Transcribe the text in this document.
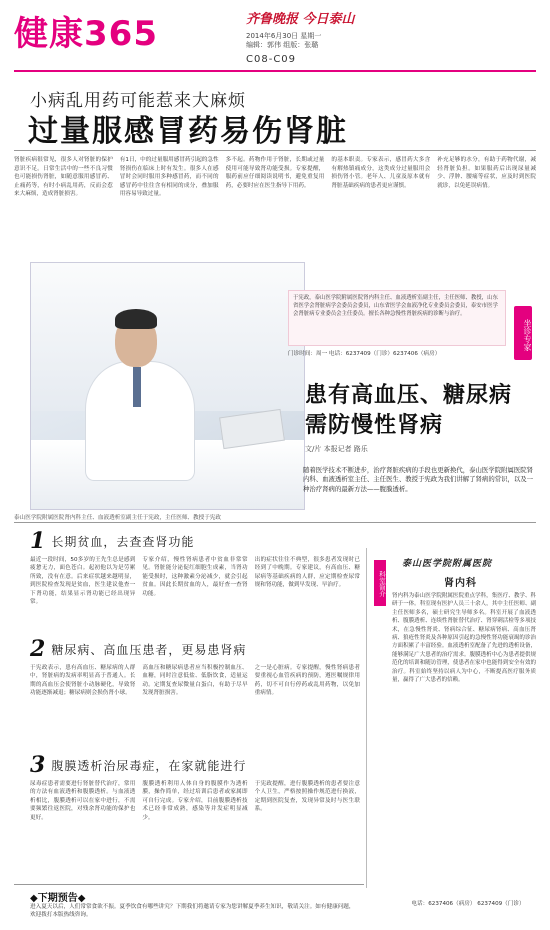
健康365	齐鲁晚报 今日泰山
2014年6月30日 星期一
编辑：郭伟 组版：张璐
C08-C09
小病乱用药可能惹来大麻烦
过量服感冒药易伤肾脏
肾脏疾病很常见，很多人对肾脏的保护意识不足。日常生活中的一些不良习惯也可能损伤肾脏，如随意服用感冒药、止痛药等，有时小病乱用药，反而会惹来大麻烦，造成肾脏损害。
有1日，中的过量服用感冒药引起的急性肾损伤在临床上时有发生。很多人在感冒时会同时服用多种感冒药，而不同的感冒药中往往含有相同的成分，叠加服用容易导致过量。
多不起。药物作用于肾脏，长期或过量使用可能导致肾功能受损。专家提醒，服药前应仔细阅读说明书，避免重复用药，必要时应在医生指导下用药。
的基本职责。专家表示，感冒药大多含有解热镇痛成分，这类成分过量服用会损伤肾小管。老年人、儿童及原本就有肾脏基础疾病的患者更应谨慎。
补充足够的水分，有助于药物代谢，减轻肾脏负担。如果服药后出现尿量减少、浮肿、腰痛等症状，应及时到医院就诊，以免延误病情。
于宪政，泰山医学院附属医院肾内科主任、血液透析室副主任，主任医师、教授，山东省医学会肾脏病学会委员会委员，山东省医学会血液净化专业委员会委员，泰安市医学会肾脏病专业委员会主任委员。擅长各种急慢性肾脏疾病的诊断与治疗。
门诊时间：周一 电话：6237409（门诊）6237406（病房）
坐诊专家
患有高血压、糖尿病
需防慢性肾病
文/片 本报记者 路乐
随着医学技术不断进步，治疗肾脏疾病的手段也更新换代，泰山医学院附属医院肾内科、血液透析室主任、主任医生、教授于宪政为我们讲解了肾病的常识，以及一种治疗肾病的最新方法——腹膜透析。
泰山医学院附属医院肾内科主任、血液透析室副主任于宪政，主任医师、教授于宪政
1 长期贫血，去查查肾功能
最近一段时间，50多岁的王先生总是感到疲惫无力，面色苍白。起初他以为是劳累所致，没有在意。后来症状越来越明显，到医院检查发现是贫血，医生建议他查一下肾功能，结果显示肾功能已经出现异常。
专家介绍，慢性肾病患者中贫血非常常见。肾脏能分泌促红细胞生成素，当肾功能受损时，这种激素分泌减少，就会引起贫血。因此长期贫血的人，最好查一查肾功能。
出的症状往往不典型，很多患者发现时已经到了中晚期。专家建议，有高血压、糖尿病等基础疾病的人群，应定期检查尿常规和肾功能，做到早发现、早治疗。
2 糖尿病、高血压患者，更易患肾病
于宪政表示，患有高血压、糖尿病的人群中，肾脏病的发病率明显高于普通人。长期的高血压会使肾脏小动脉硬化，导致肾功能逐渐减退；糖尿病则会损伤肾小球。
高血压和糖尿病患者应当积极控制血压、血糖，同时注意低盐、低脂饮食，适量运动。定期复查尿微量白蛋白，有助于尽早发现肾脏损害。
之一是心脏病。专家提醒，慢性肾病患者要重视心血管疾病的预防，遵医嘱规律用药，切不可自行停药或乱用药物，以免加重病情。
3 腹膜透析治尿毒症，在家就能进行
尿毒症患者需要进行肾脏替代治疗，常用的方法有血液透析和腹膜透析。与血液透析相比，腹膜透析可以在家中进行，不需要频繁往返医院，对残余肾功能的保护也更好。
腹膜透析利用人体自身的腹膜作为透析膜，操作简单，经过培训后患者或家属即可自行完成。专家介绍，目前腹膜透析技术已经非常成熟，感染等并发症明显减少。
于宪政提醒，进行腹膜透析的患者要注意个人卫生，严格按照操作规范进行换液，定期到医院复查，发现异常及时与医生联系。
科室简介
泰山医学院附属医院
肾内科
肾内科为泰山医学院附属医院重点学科，集医疗、教学、科研于一体。科室现有医护人员三十余人，其中主任医师、副主任医师多名，硕士研究生导师多名。科室开展了血液透析、腹膜透析、连续性肾脏替代治疗、肾穿刺活检等多项技术，在急慢性肾炎、肾病综合征、糖尿病肾病、高血压肾病、狼疮性肾炎及各种原因引起的急慢性肾功能衰竭的诊治方面积累了丰富经验。血液透析室配备了先进的透析设备，能够满足广大患者的治疗需求。腹膜透析中心为患者提供规范化的培训和随访管理，使患者在家中也能得到安全有效的治疗。科室始终坚持以病人为中心，不断提高医疗服务质量，赢得了广大患者的信赖。
电话：6237406（病房） 6237409（门诊）
◆下期预告◆
进入夏天以后，人们常常食欲不振。夏季饮食有哪些讲究？下期我们将邀请专家为您讲解夏季养生知识，敬请关注。如有健康问题，欢迎拨打本版热线咨询。
